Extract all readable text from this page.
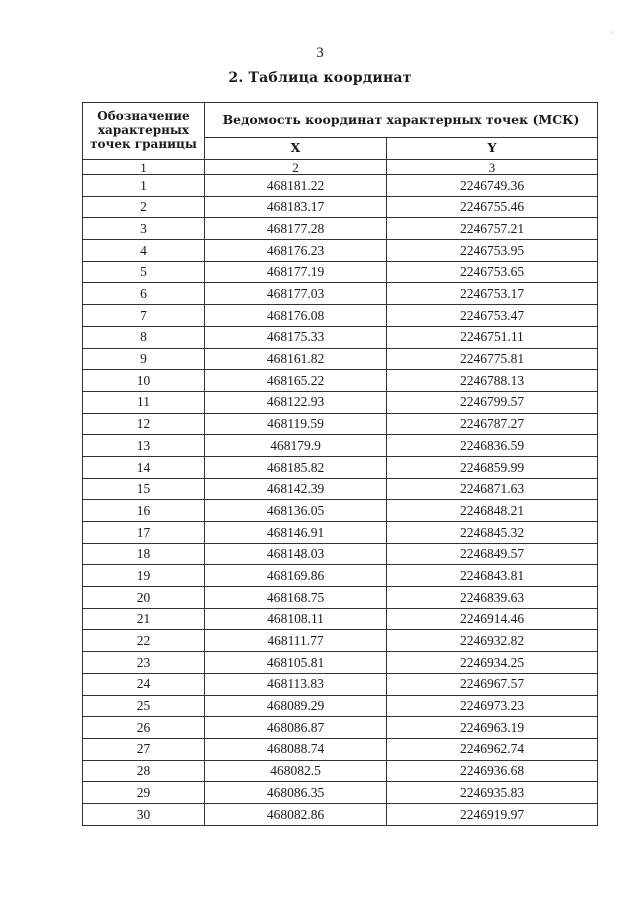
3
'
2. Таблица координат
Обозначение характерных точек границы	Ведомость координат характерных точек (МСК)	
	X	Y
1	2	3
1	468181.22	2246749.36
2	468183.17	2246755.46
3	468177.28	2246757.21
4	468176.23	2246753.95
5	468177.19	2246753.65
6	468177.03	2246753.17
7	468176.08	2246753.47
8	468175.33	2246751.11
9	468161.82	2246775.81
10	468165.22	2246788.13
11	468122.93	2246799.57
12	468119.59	2246787.27
13	468179.9	2246836.59
14	468185.82	2246859.99
15	468142.39	2246871.63
16	468136.05	2246848.21
17	468146.91	2246845.32
18	468148.03	2246849.57
19	468169.86	2246843.81
20	468168.75	2246839.63
21	468108.11	2246914.46
22	468111.77	2246932.82
23	468105.81	2246934.25
24	468113.83	2246967.57
25	468089.29	2246973.23
26	468086.87	2246963.19
27	468088.74	2246962.74
28	468082.5	2246936.68
29	468086.35	2246935.83
30	468082.86	2246919.97
